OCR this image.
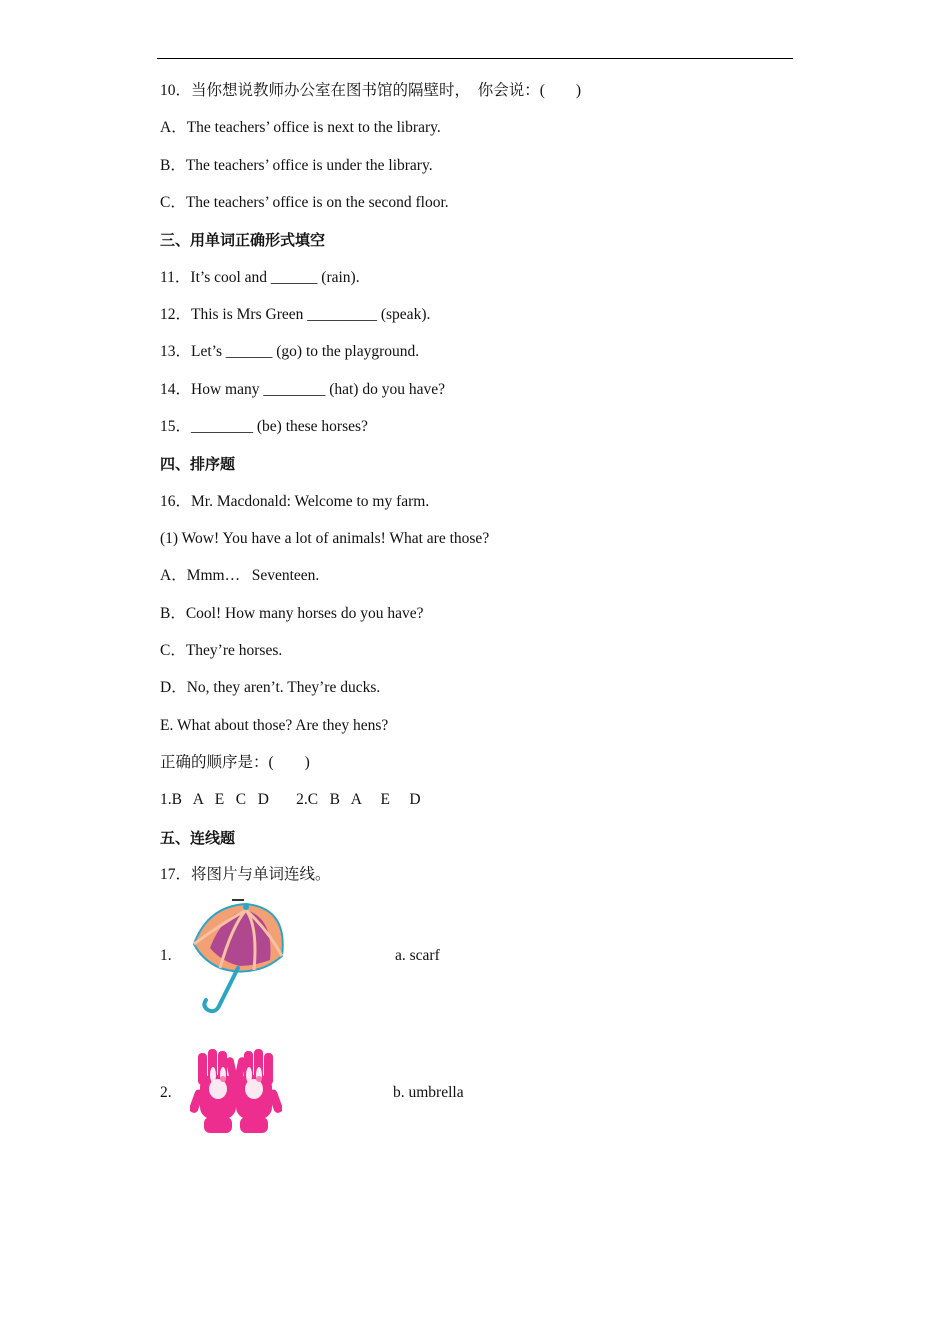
10．当你想说教师办公室在图书馆的隔壁时，  你会说：(        )
A．The teachers’ office is next to the library.
B．The teachers’ office is under the library.
C．The teachers’ office is on the second floor.
三、用单词正确形式填空
11．It’s cool and ______ (rain).
12．This is Mrs Green _________ (speak).
13．Let’s ______ (go) to the playground.
14．How many ________ (hat) do you have?
15．________ (be) these horses?
四、排序题
16．Mr. Macdonald: Welcome to my farm.
(1) Wow! You have a lot of animals! What are those?
A．Mmm…   Seventeen.
B．Cool! How many horses do you have?
C．They’re horses.
D．No, they aren’t. They’re ducks.
E. What about those? Are they hens?
正确的顺序是：(        )
1.B   A   E   C   D       2.C   B   A     E     D
五、连线题
17．将图片与单词连线。
1.	a. scarf
2.	b. umbrella
